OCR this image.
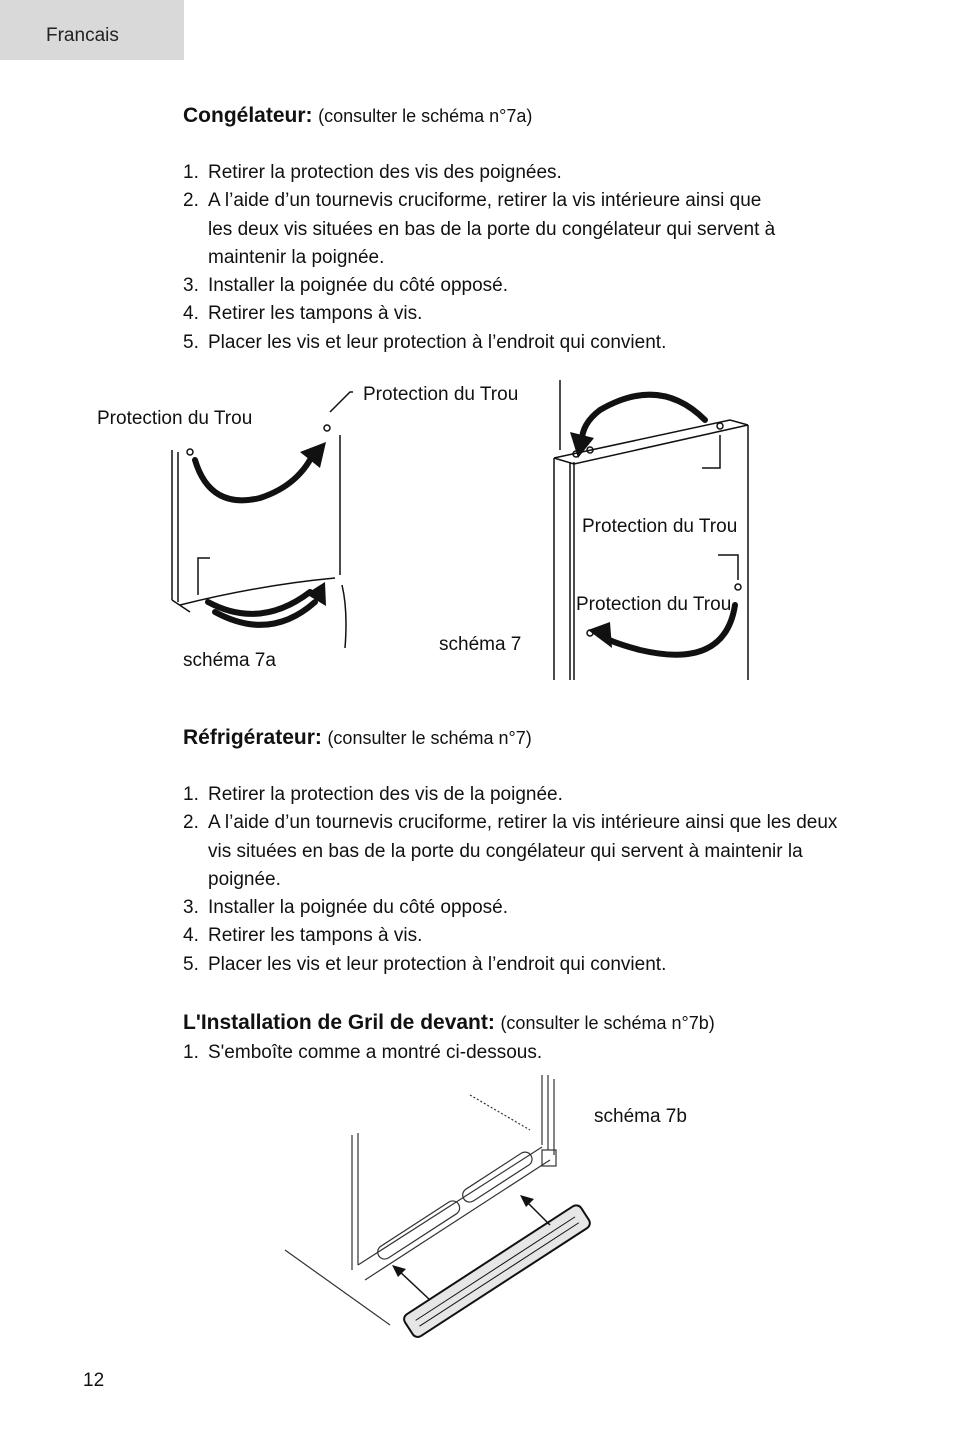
Francais
Congélateur: (consulter le schéma n°7a)
1. Retirer la protection des vis des poignées.
2. A l’aide d’un tournevis cruciforme, retirer la vis intérieure ainsi que les deux vis situées en bas de la porte du congélateur qui servent à maintenir la poignée.
3. Installer la poignée du côté opposé.
4. Retirer les tampons à vis.
5. Placer les vis et leur protection à l’endroit qui convient.
Protection du Trou
Protection du Trou
Protection du Trou
Protection du Trou
schéma 7
schéma 7a
Réfrigérateur: (consulter le schéma n°7)
1. Retirer la protection des vis de la poignée.
2. A l’aide d’un tournevis cruciforme, retirer la vis intérieure ainsi que les deux vis situées en bas de la porte du congélateur qui servent à maintenir la poignée.
3. Installer la poignée du côté opposé.
4. Retirer les tampons à vis.
5. Placer les vis et leur protection à l’endroit qui convient.
L'Installation de Gril de devant: (consulter le schéma n°7b)
1. S'emboîte comme a montré ci-dessous.
schéma 7b
12
